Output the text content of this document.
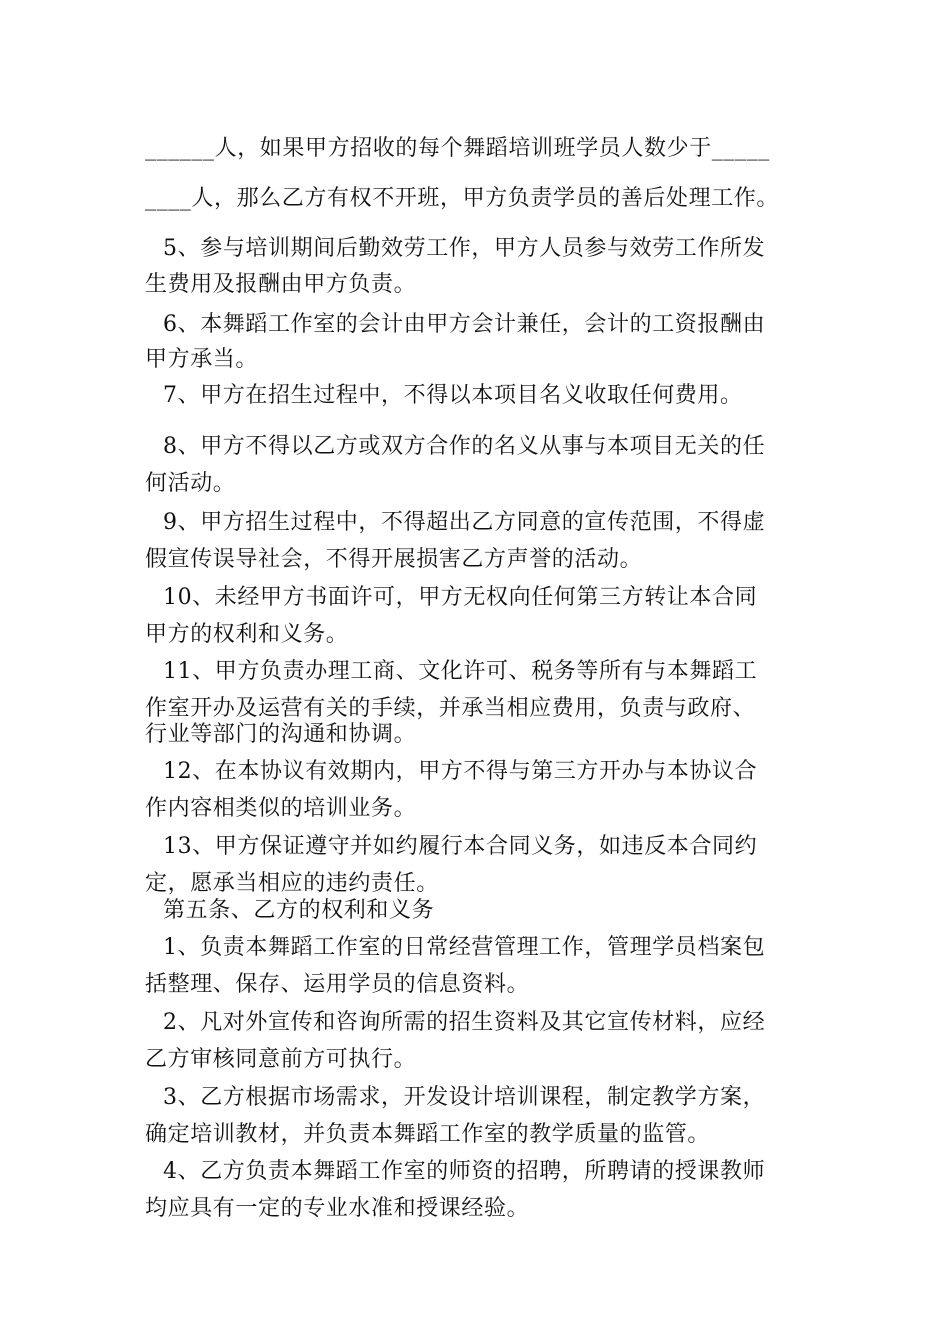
______人，如果甲方招收的每个舞蹈培训班学员人数少于_____
____人，那么乙方有权不开班，甲方负责学员的善后处理工作。
5、参与培训期间后勤效劳工作，甲方人员参与效劳工作所发
生费用及报酬由甲方负责。
6、本舞蹈工作室的会计由甲方会计兼任，会计的工资报酬由
甲方承当。
7、甲方在招生过程中，不得以本项目名义收取任何费用。
8、甲方不得以乙方或双方合作的名义从事与本项目无关的任
何活动。
9、甲方招生过程中，不得超出乙方同意的宣传范围，不得虚
假宣传误导社会，不得开展损害乙方声誉的活动。
10、未经甲方书面许可，甲方无权向任何第三方转让本合同
甲方的权利和义务。
11、甲方负责办理工商、文化许可、税务等所有与本舞蹈工
作室开办及运营有关的手续，并承当相应费用，负责与政府、
行业等部门的沟通和协调。
12、在本协议有效期内，甲方不得与第三方开办与本协议合
作内容相类似的培训业务。
13、甲方保证遵守并如约履行本合同义务，如违反本合同约
定，愿承当相应的违约责任。
第五条、乙方的权利和义务
1、负责本舞蹈工作室的日常经营管理工作，管理学员档案包
括整理、保存、运用学员的信息资料。
2、凡对外宣传和咨询所需的招生资料及其它宣传材料，应经
乙方审核同意前方可执行。
3、乙方根据市场需求，开发设计培训课程，制定教学方案，
确定培训教材，并负责本舞蹈工作室的教学质量的监管。
4、乙方负责本舞蹈工作室的师资的招聘，所聘请的授课教师
均应具有一定的专业水准和授课经验。
